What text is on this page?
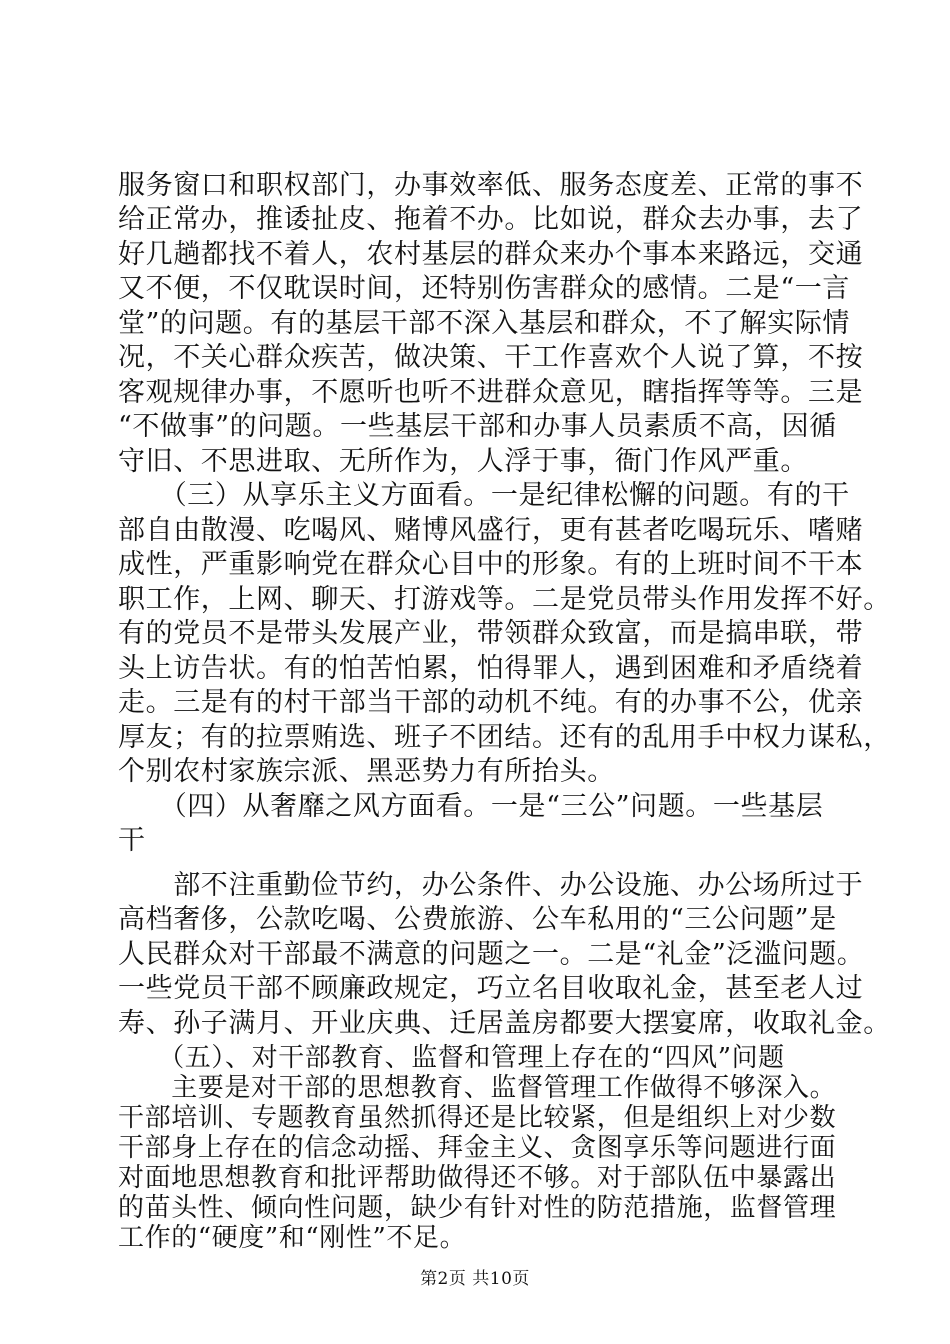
服务窗口和职权部门，办事效率低、服务态度差、正常的事不
给正常办，推诿扯皮、拖着不办。比如说，群众去办事，去了
好几趟都找不着人，农村基层的群众来办个事本来路远，交通
又不便，不仅耽误时间，还特别伤害群众的感情。二是“一言
堂”的问题。有的基层干部不深入基层和群众，不了解实际情
况，不关心群众疾苦，做决策、干工作喜欢个人说了算，不按
客观规律办事，不愿听也听不进群众意见，瞎指挥等等。三是
“不做事”的问题。一些基层干部和办事人员素质不高，因循
守旧、不思进取、无所作为，人浮于事，衙门作风严重。
　　（三）从享乐主义方面看。一是纪律松懈的问题。有的干
部自由散漫、吃喝风、赌博风盛行，更有甚者吃喝玩乐、嗜赌
成性，严重影响党在群众心目中的形象。有的上班时间不干本
职工作，上网、聊天、打游戏等。二是党员带头作用发挥不好。
有的党员不是带头发展产业，带领群众致富，而是搞串联，带
头上访告状。有的怕苦怕累，怕得罪人，遇到困难和矛盾绕着
走。三是有的村干部当干部的动机不纯。有的办事不公，优亲
厚友；有的拉票贿选、班子不团结。还有的乱用手中权力谋私，
个别农村家族宗派、黑恶势力有所抬头。
　　（四）从奢靡之风方面看。一是“三公”问题。一些基层
干
　　部不注重勤俭节约，办公条件、办公设施、办公场所过于
高档奢侈，公款吃喝、公费旅游、公车私用的“三公问题”是
人民群众对干部最不满意的问题之一。二是“礼金”泛滥问题。
一些党员干部不顾廉政规定，巧立名目收取礼金，甚至老人过
寿、孙子满月、开业庆典、迁居盖房都要大摆宴席，收取礼金。
　　（五）、对干部教育、监督和管理上存在的“四风”问题
　　主要是对干部的思想教育、监督管理工作做得不够深入。
干部培训、专题教育虽然抓得还是比较紧，但是组织上对少数
干部身上存在的信念动摇、拜金主义、贪图享乐等问题进行面
对面地思想教育和批评帮助做得还不够。对于部队伍中暴露出
的苗头性、倾向性问题，缺少有针对性的防范措施，监督管理
工作的“硬度”和“刚性”不足。
第2页 共10页
